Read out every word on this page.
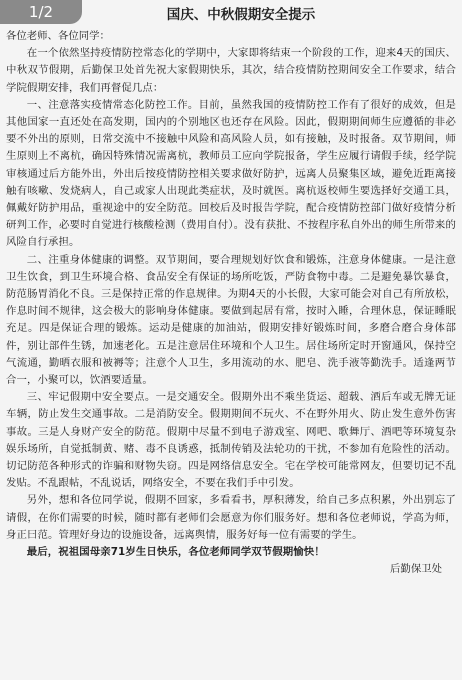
1/2	国庆、中秋假期安全提示

各位老师、各位同学：

在一个依然坚持疫情防控常态化的学期中，大家即将结束一个阶段的工作，迎来4天的国庆、中秋双节假期，后勤保卫处首先祝大家假期快乐，其次，结合疫情防控期间安全工作要求，结合学院假期安排，我们再督促几点：

一、注意落实疫情常态化防控工作。目前，虽然我国的疫情防控工作有了很好的成效，但是其他国家一直还处在高发期，国内的个别地区也还存在风险。因此，假期期间师生应遵循的非必要不外出的原则，日常交流中不接触中风险和高风险人员，如有接触，及时报备。双节期间，师生原则上不离杭，确因特殊情况需离杭，教师员工应向学院报备，学生应履行请假手续，经学院审核通过后方能外出，外出后按疫情防控相关要求做好防护，远离人员聚集区域，避免近距离接触有咳嗽、发烧病人，自己或家人出现此类症状，及时就医。离杭返校师生要选择好交通工具，佩戴好防护用品，重视途中的安全防范。回校后及时报告学院，配合疫情防控部门做好疫情分析研判工作，必要时自觉进行核酸检测（费用自付）。没有获批、不按程序私自外出的师生所带来的风险自行承担。

二、注重身体健康的调整。双节期间，要合理规划好饮食和锻炼，注意身体健康。一是注意卫生饮食，到卫生环境合格、食品安全有保证的场所吃饭，严防食物中毒。二是避免暴饮暴食，防范肠胃消化不良。三是保持正常的作息规律。为期4天的小长假，大家可能会对自己有所放松，作息时间不规律，这会极大的影响身体健康。要做到起居有常，按时入睡，合理休息，保证睡眠充足。四是保证合理的锻炼。运动是健康的加油站，假期安排好锻炼时间，多磨合磨合身体部件，别让部件生锈，加速老化。五是注意居住环境和个人卫生。居住场所定时开窗通风，保持空气流通，勤晒衣服和被褥等；注意个人卫生，多用流动的水、肥皂、洗手液等勤洗手。适逢两节合一，小聚可以，饮酒要适量。

三、牢记假期中安全要点。一是交通安全。假期外出不乘坐货运、超载、酒后车或无牌无证车辆，防止发生交通事故。二是消防安全。假期期间不玩火、不在野外用火、防止发生意外伤害事故。三是人身财产安全的防范。假期中尽量不到电子游戏室、网吧、歌舞厅、酒吧等环境复杂娱乐场所，自觉抵制黄、赌、毒不良诱惑，抵制传销及法轮功的干扰，不参加有危险性的活动。切记防范各种形式的诈骗和财物失窃。四是网络信息安全。宅在学校可能常网友，但要切记不乱发贴。不乱跟帖，不乱说话，网络安全，不要在我们手中引发。

另外，想和各位同学说，假期不回家，多看看书，厚积薄发，给自己多点积累，外出别忘了请假，在你们需要的时候，随时都有老师们会愿意为你们服务好。想和各位老师说，学高为师，身正曰范。管理好身边的设施设备，远离舆情，服务好每一位有需要的学生。

最后，祝祖国母亲71岁生日快乐，各位老师同学双节假期愉快！

后勤保卫处
